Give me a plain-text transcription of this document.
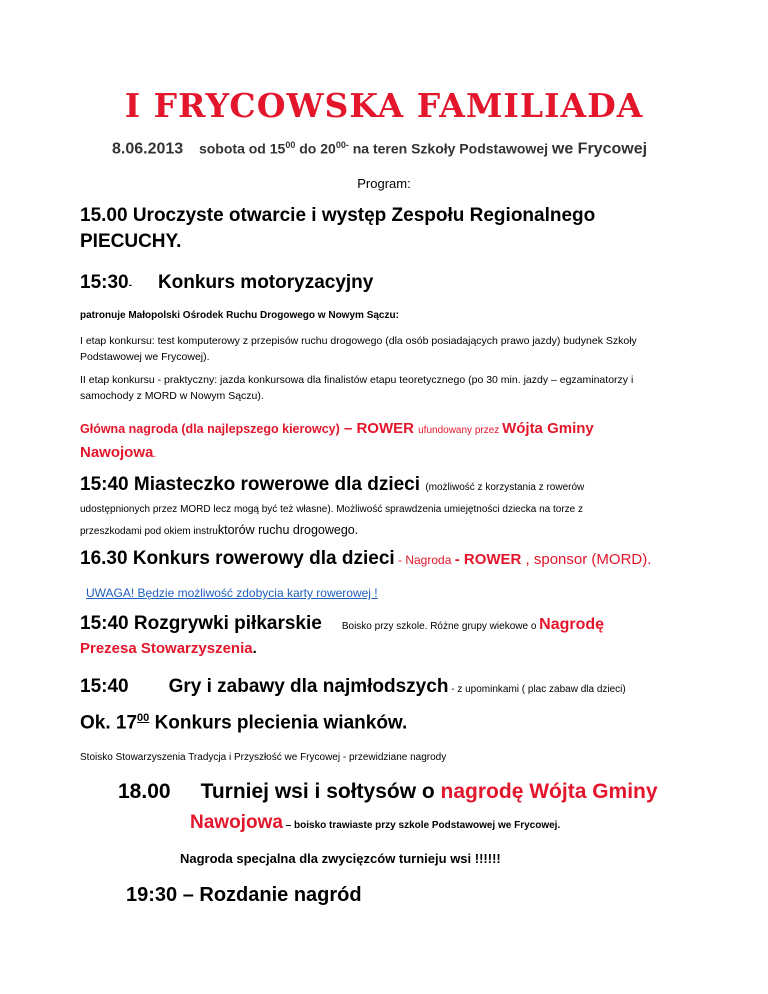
I FRYCOWSKA FAMILIADA
8.06.2013 sobota od $15^{00}$ do $20^{00-}$ na teren Szkoły Podstawowej we Frycowej
Program:

15.00 Uroczyste otwarcie i występ Zespołu Regionalnego

PIECUCHY.

15:30- Konkurs motoryzacyjny
patronuje Małopolski Ośrodek Ruchu Drogowego w Nowym Sączu:

I etap konkursu: test komputerowy z przepisów ruchu drogowego (dla osób posiadających prawo jazdy) budynek Szkoły

Podstawowej we Frycowej).

II etap konkursu - praktyczny: jazda konkursowa dla finalistów etapu teoretycznego (po 30 min. jazdy – egzaminatorzy i

samochody z MORD w Nowym Sączu).

Główna nagroda (dla najlepszego kierowcy) – ROWER ufundowany przez Wójta Gminy
Nawojowa.
15:40 Miasteczko rowerowe dla dzieci (możliwość z korzystania z rowerów

udostępnionych przez MORD lecz mogą być też własne). Możliwość sprawdzenia umiejętności dziecka na torze z

przeszkodami pod okiem instruktorów ruchu drogowego.

16.30 Konkurs rowerowy dla dzieci - Nagroda - ROWER , sponsor (MORD).
UWAGA! Będzie możliwość zdobycia karty rowerowej !
15:40 Rozgrywki piłkarskie Boisko przy szkole. Różne grupy wiekowe o Nagrodę
Prezesa Stowarzyszenia.
15:40 Gry i zabawy dla najmłodszych - z upominkami ( plac zabaw dla dzieci)
Ok. $17^{00}$ Konkurs plecienia wianków.
Stoisko Stowarzyszenia Tradycja i Przyszłość we Frycowej - przewidziane nagrody
18.00 Turniej wsi i sołtysów o nagrodę Wójta Gminy
Nawojowa – boisko trawiaste przy szkole Podstawowej we Frycowej.
Nagroda specjalna dla zwycięzców turnieju wsi !!!!!!
19:30 – Rozdanie nagród
